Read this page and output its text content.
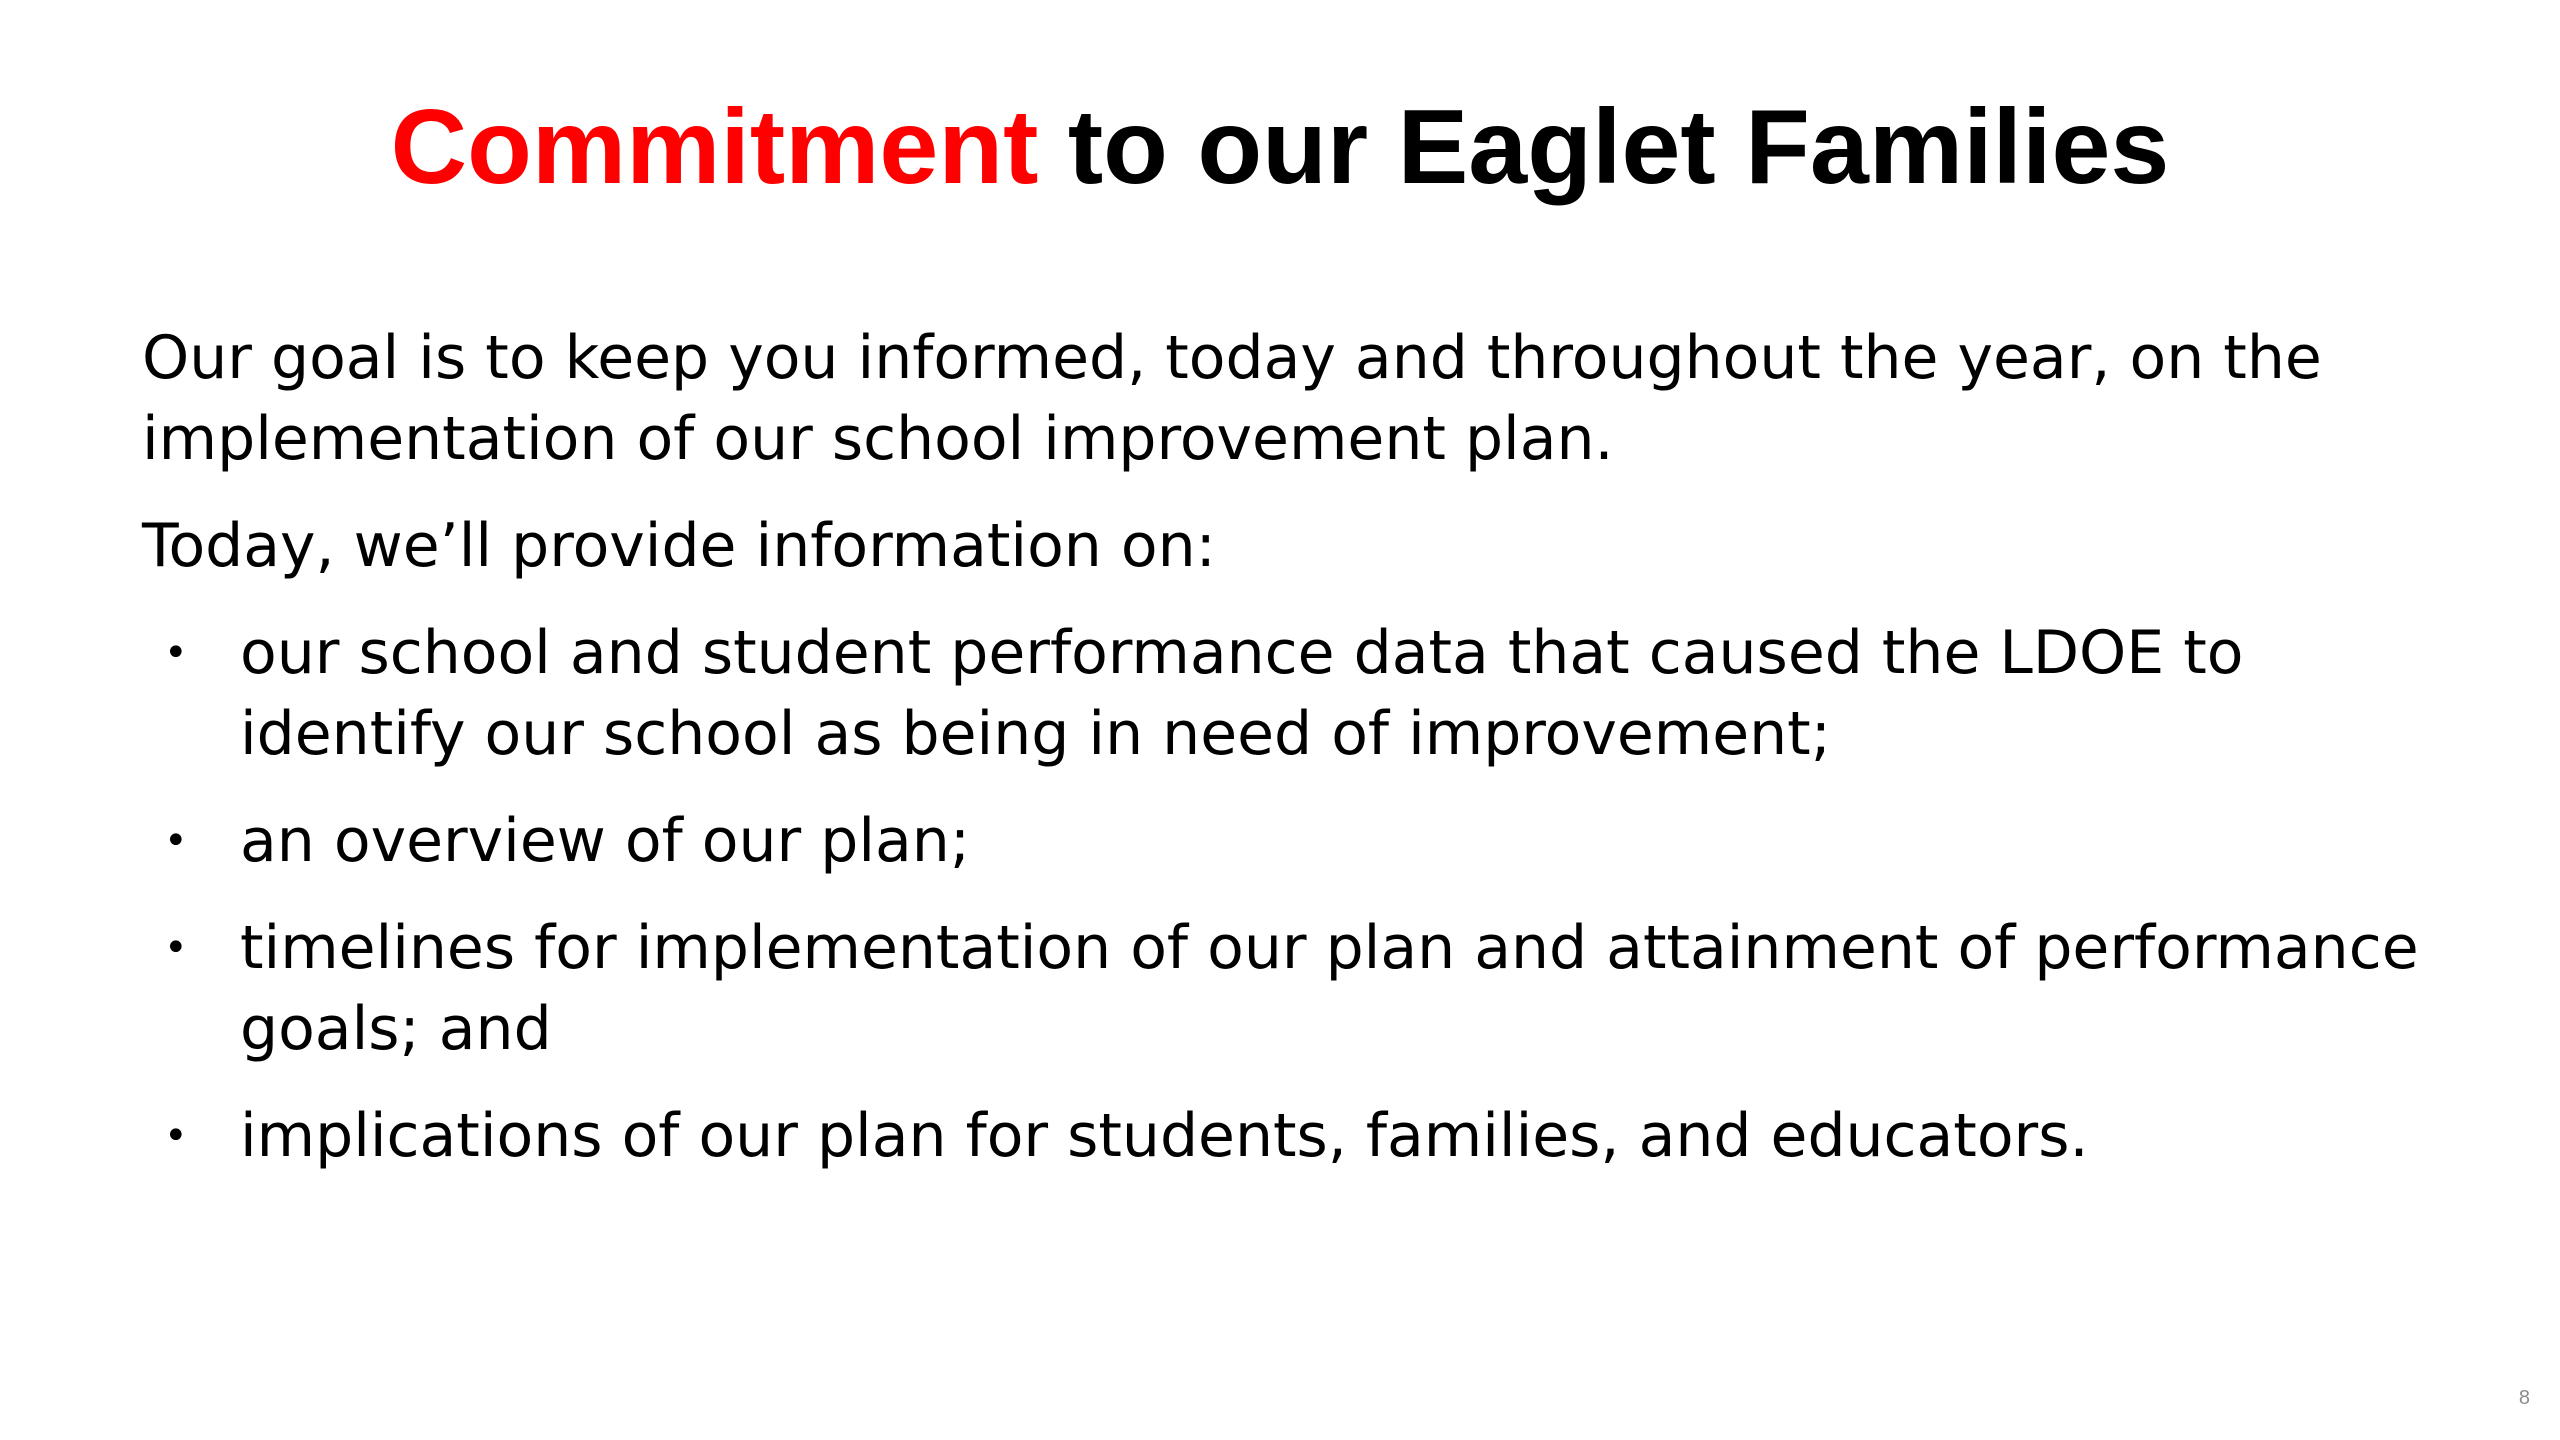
Commitment to our Eaglet Families

Our goal is to keep you informed, today and throughout the year, on the implementation of our school improvement plan.

Today, we’ll provide information on:

• our school and student performance data that caused the LDOE to identify our school as being in need of improvement;
• an overview of our plan;
• timelines for implementation of our plan and attainment of performance goals; and
• implications of our plan for students, families, and educators.
8
